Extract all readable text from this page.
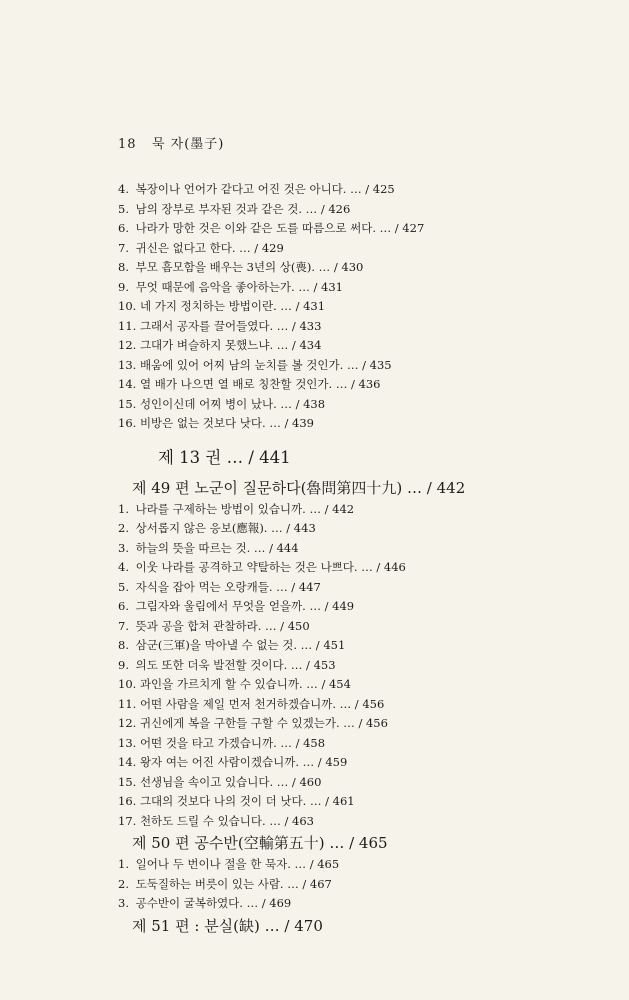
18 묵 자(墨子)
4. 복장이나 언어가 같다고 어진 것은 아니다. … / 425
5. 남의 장부로 부자된 것과 같은 것. … / 426
6. 나라가 망한 것은 이와 같은 도를 따름으로 써다. … / 427
7. 귀신은 없다고 한다. … / 429
8. 부모 흠모함을 배우는 3년의 상(喪). … / 430
9. 무엇 때문에 음악을 좋아하는가. … / 431
10. 네 가지 정치하는 방법이란. … / 431
11. 그래서 공자를 끌어들였다. … / 433
12. 그대가 벼슬하지 못했느냐. … / 434
13. 배움에 있어 어찌 남의 눈치를 볼 것인가. … / 435
14. 열 배가 나으면 열 배로 칭찬할 것인가. … / 436
15. 성인이신데 어찌 병이 났나. … / 438
16. 비방은 없는 것보다 낫다. … / 439
제 13 권 … / 441
제 49 편 노군이 질문하다(魯問第四十九) … / 442
1. 나라를 구제하는 방법이 있습니까. … / 442
2. 상서롭지 않은 응보(應報). … / 443
3. 하늘의 뜻을 따르는 것. … / 444
4. 이웃 나라를 공격하고 약탈하는 것은 나쁘다. … / 446
5. 자식을 잡아 먹는 오랑캐들. … / 447
6. 그림자와 울림에서 무엇을 얻을까. … / 449
7. 뜻과 공을 합쳐 관찰하라. … / 450
8. 삼군(三軍)을 막아낼 수 없는 것. … / 451
9. 의도 또한 더욱 발전할 것이다. … / 453
10. 과인을 가르치게 할 수 있습니까. … / 454
11. 어떤 사람을 제일 먼저 천거하겠습니까. … / 456
12. 귀신에게 복을 구한들 구할 수 있겠는가. … / 456
13. 어떤 것을 타고 가겠습니까. … / 458
14. 왕자 여는 어진 사람이겠습니까. … / 459
15. 선생님을 속이고 있습니다. … / 460
16. 그대의 것보다 나의 것이 더 낫다. … / 461
17. 천하도 드릴 수 있습니다. … / 463
제 50 편 공수반(空輸第五十) … / 465
1. 일어나 두 번이나 절을 한 묵자. … / 465
2. 도둑질하는 버릇이 있는 사람. … / 467
3. 공수반이 굴복하였다. … / 469
제 51 편 : 분실(缺) … / 470
